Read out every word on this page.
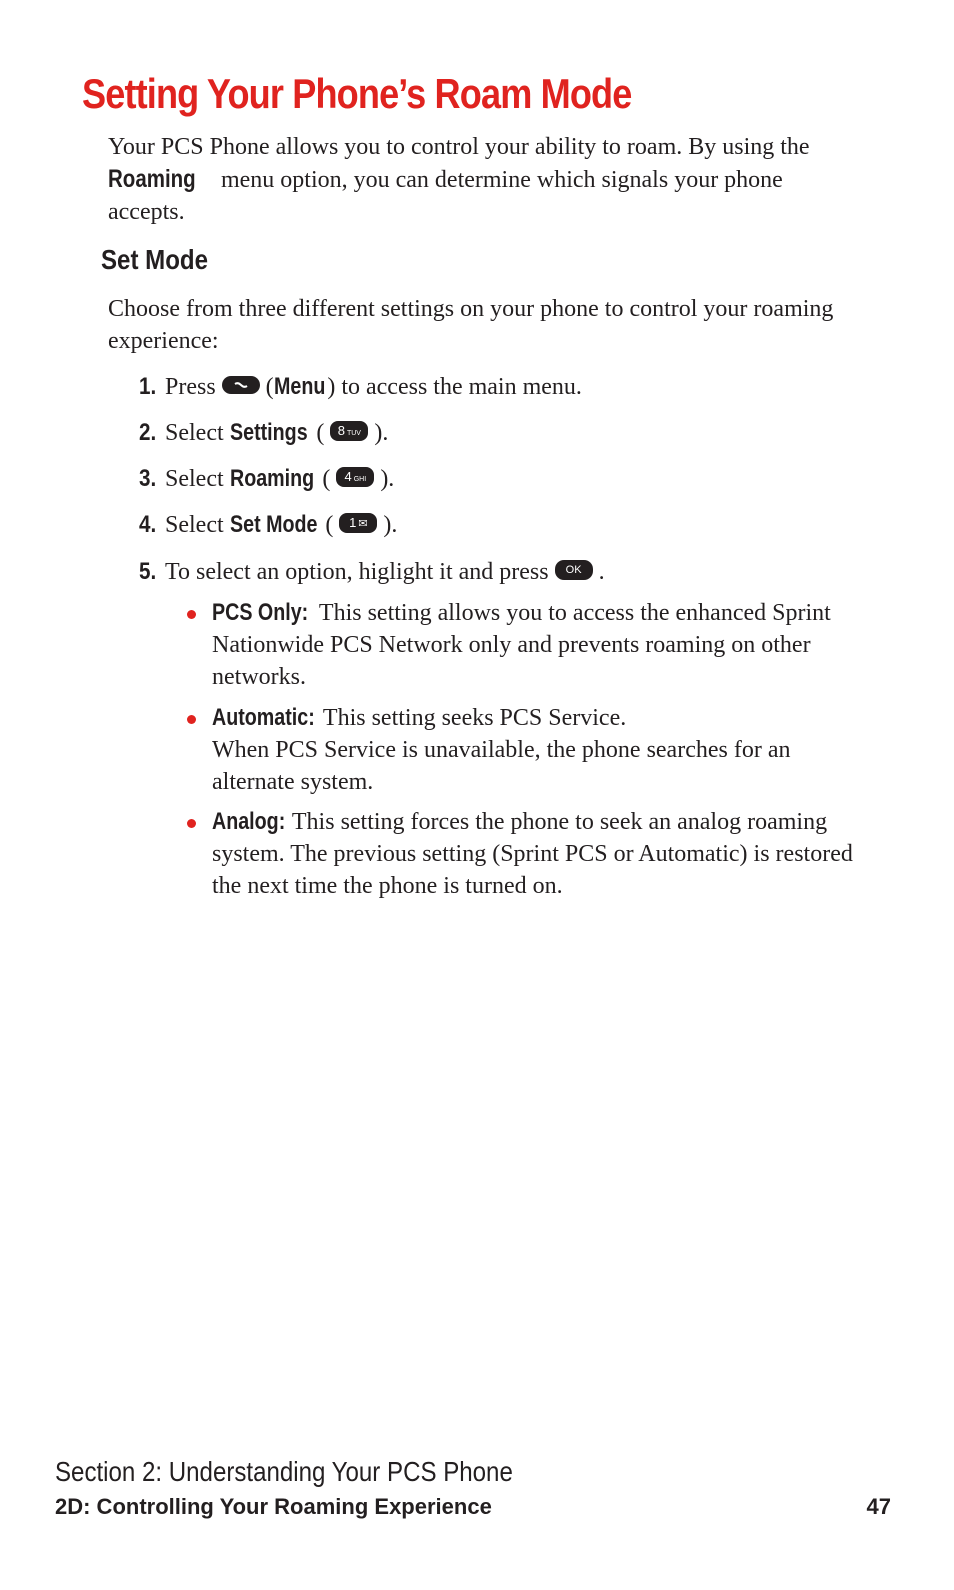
Setting Your Phone’s Roam Mode

Your PCS Phone allows you to control your ability to roam. By using the Roaming menu option, you can determine which signals your phone accepts.

Set Mode

Choose from three different settings on your phone to control your roaming experience:

1. Press  (Menu) to access the main menu.
2. Select Settings ( 8 TUV ).
3. Select Roaming ( 4 GHI ).
4. Select Set Mode ( 1 ✉ ).
5. To select an option, higlight it and press OK .
PCS Only: This setting allows you to access the enhanced Sprint Nationwide PCS Network only and prevents roaming on other networks.
Automatic: This setting seeks PCS Service.
When PCS Service is unavailable, the phone searches for an alternate system.
Analog: This setting forces the phone to seek an analog roaming system. The previous setting (Sprint PCS or Automatic) is restored the next time the phone is turned on.
Section 2: Understanding Your PCS Phone
2D: Controlling Your Roaming Experience	47
